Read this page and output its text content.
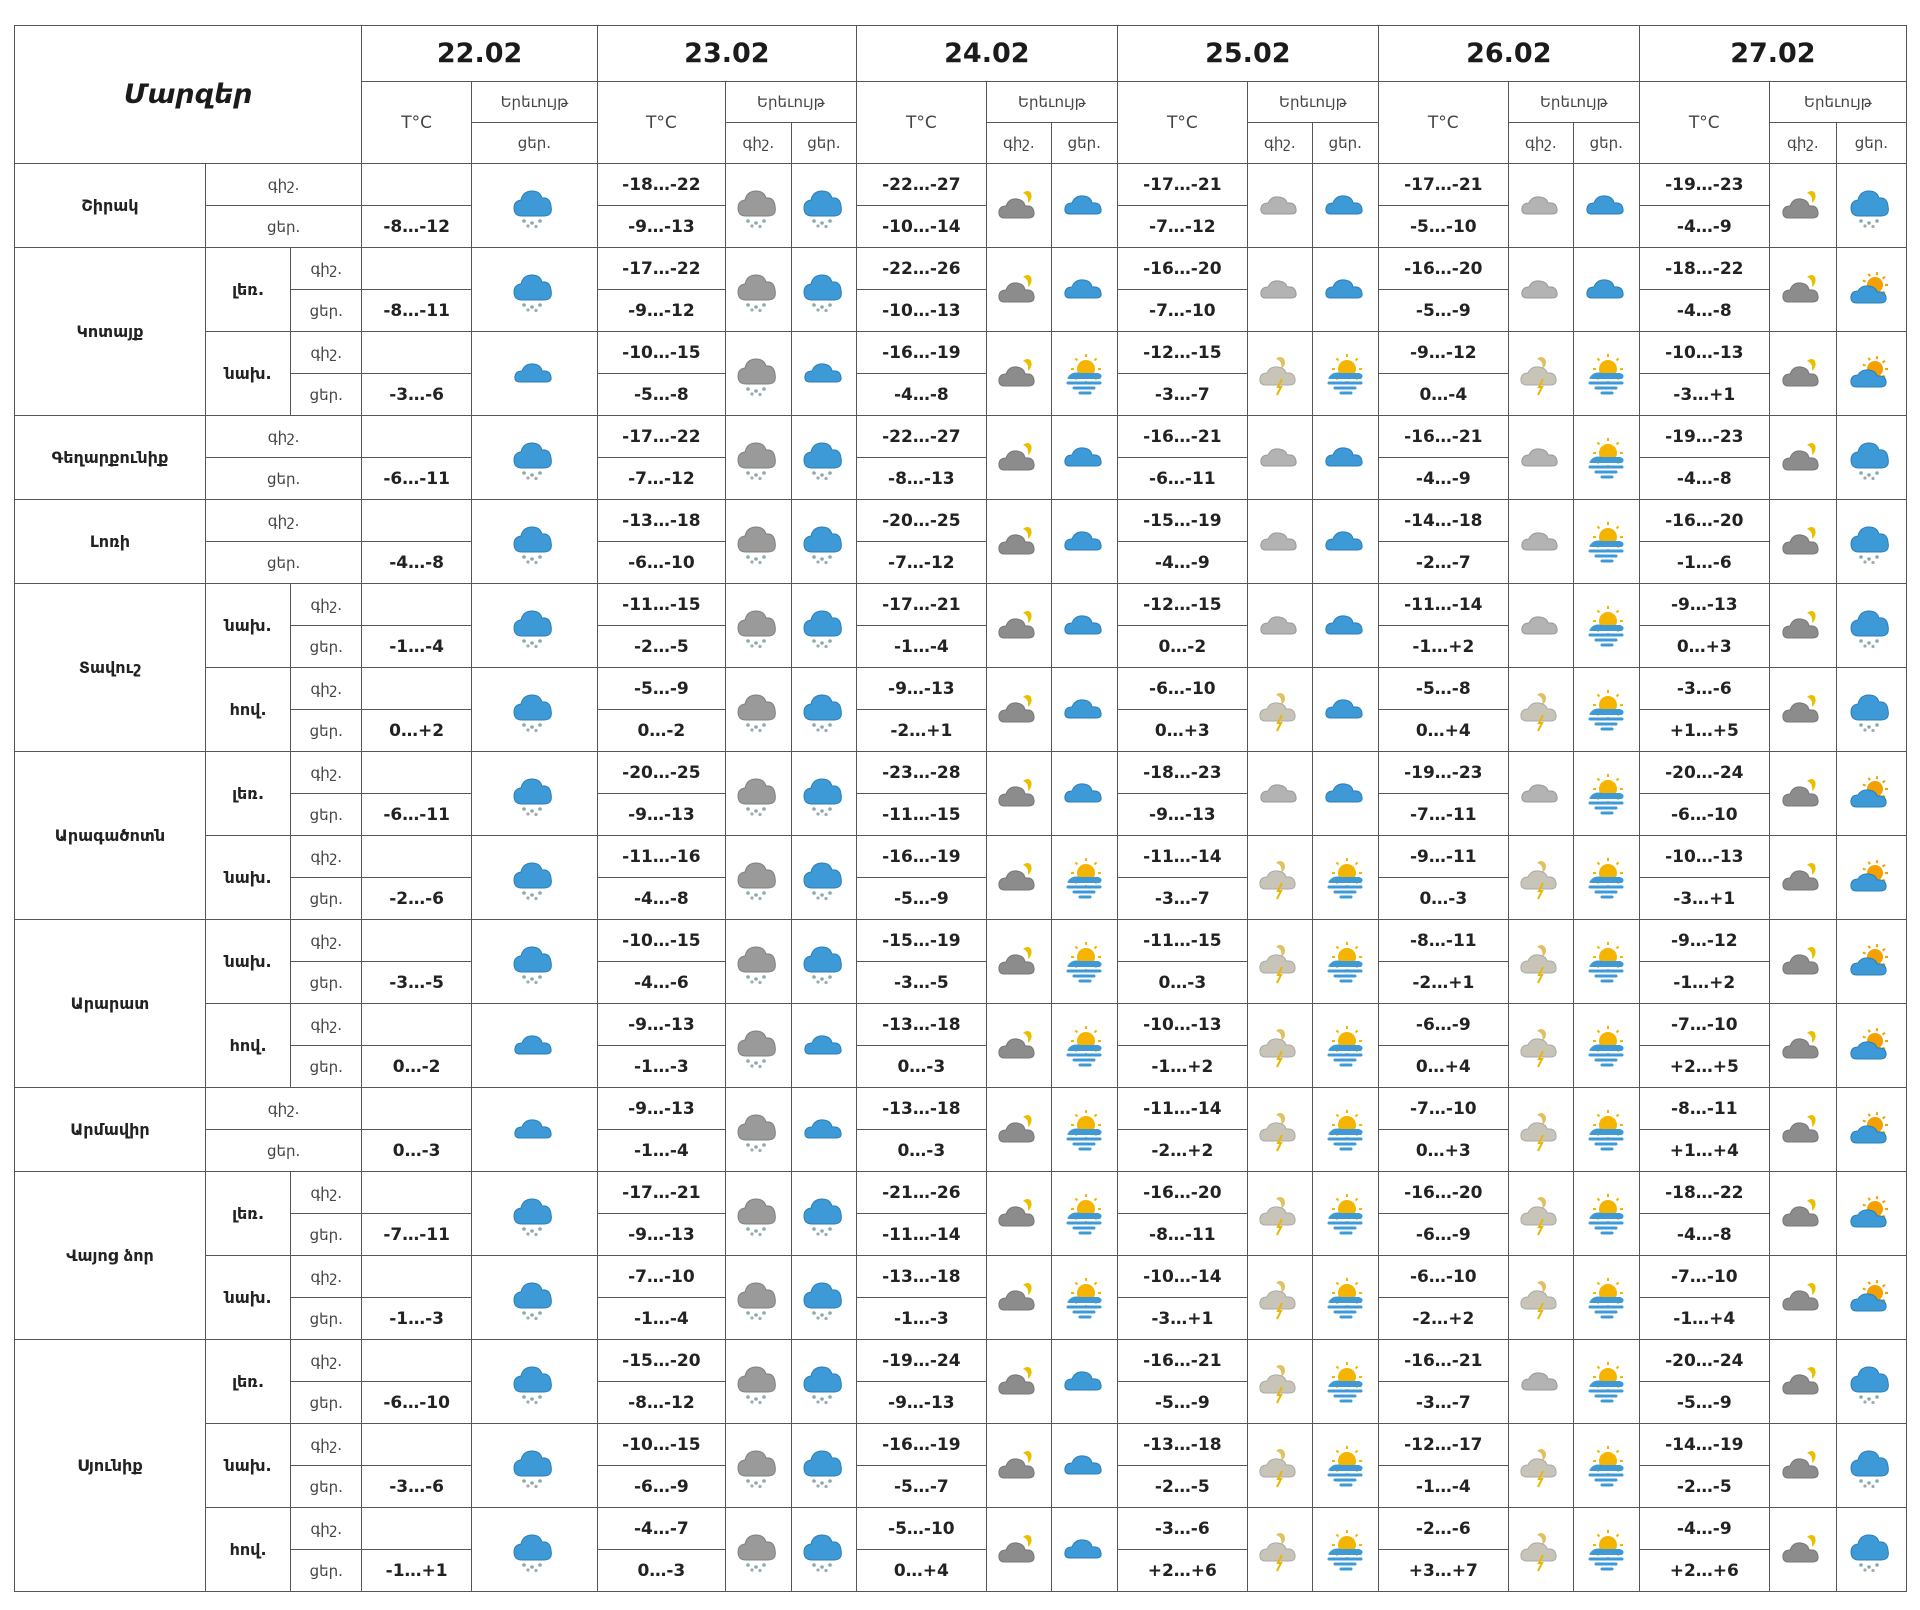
Մարզեր			22.02		23.02			24.02			25.02			26.02			27.02		
			T°C	Երեւույթ	T°C	Երեւույթ		T°C	Երեւույթ		T°C	Երեւույթ		T°C	Երեւույթ		T°C	Երեւույթ	
				ցեր.		գիշ.	ցեր.		գիշ.	ցեր.		գիշ.	ցեր.		գիշ.	ցեր.		գիշ.	ցեր.
Շիրակ	գիշ.				-18…-22			-22…-27			-17…-21			-17…-21			-19…-23	

	ցեր.		-8…-12		-9…-13			-10…-14			-7…-12			-5…-10			-4…-9		
Կոտայք	լեռ.	գիշ.			-17…-22			-22…-26			-16…-20			-16…-20			-18…-22	

		ցեր.	-8…-11		-9…-12			-10…-13			-7…-10			-5…-9			-4…-8		
	նախ.	գիշ.			-10…-15			-16…-19			-12…-15			-9…-12			-10…-13	

		ցեր.	-3…-6		-5…-8			-4…-8			-3…-7			0…-4			-3…+1		
Գեղարքունիք	գիշ.				-17…-22			-22…-27			-16…-21			-16…-21			-19…-23	

	ցեր.		-6…-11		-7…-12			-8…-13			-6…-11			-4…-9			-4…-8		
Լոռի	գիշ.				-13…-18			-20…-25			-15…-19			-14…-18			-16…-20	

	ցեր.		-4…-8		-6…-10			-7…-12			-4…-9			-2…-7			-1…-6		
Տավուշ	նախ.	գիշ.			-11…-15			-17…-21			-12…-15			-11…-14			-9…-13	

		ցեր.	-1…-4		-2…-5			-1…-4			0…-2			-1…+2			0…+3		
	հով.	գիշ.			-5…-9			-9…-13			-6…-10			-5…-8			-3…-6	

		ցեր.	0…+2		0…-2			-2…+1			0…+3			0…+4			+1…+5		
Արագածոտն	լեռ.	գիշ.			-20…-25			-23…-28			-18…-23			-19…-23			-20…-24	

		ցեր.	-6…-11		-9…-13			-11…-15			-9…-13			-7…-11			-6…-10		
	նախ.	գիշ.			-11…-16			-16…-19			-11…-14			-9…-11			-10…-13	

		ցեր.	-2…-6		-4…-8			-5…-9			-3…-7			0…-3			-3…+1		
Արարատ	նախ.	գիշ.			-10…-15			-15…-19			-11…-15			-8…-11			-9…-12	

		ցեր.	-3…-5		-4…-6			-3…-5			0…-3			-2…+1			-1…+2		
	հով.	գիշ.			-9…-13			-13…-18			-10…-13			-6…-9			-7…-10	

		ցեր.	0…-2		-1…-3			0…-3			-1…+2			0…+4			+2…+5		
Արմավիր	գիշ.				-9…-13			-13…-18			-11…-14			-7…-10			-8…-11	

	ցեր.		0…-3		-1…-4			0…-3			-2…+2			0…+3			+1…+4		
Վայոց ձոր	լեռ.	գիշ.			-17…-21			-21…-26			-16…-20			-16…-20			-18…-22	

		ցեր.	-7…-11		-9…-13			-11…-14			-8…-11			-6…-9			-4…-8		
	նախ.	գիշ.			-7…-10			-13…-18			-10…-14			-6…-10			-7…-10	

		ցեր.	-1…-3		-1…-4			-1…-3			-3…+1			-2…+2			-1…+4		
Սյունիք	լեռ.	գիշ.			-15…-20			-19…-24			-16…-21			-16…-21			-20…-24	

		ցեր.	-6…-10		-8…-12			-9…-13			-5…-9			-3…-7			-5…-9		
	նախ.	գիշ.			-10…-15			-16…-19			-13…-18			-12…-17			-14…-19	

		ցեր.	-3…-6		-6…-9			-5…-7			-2…-5			-1…-4			-2…-5		
	հով.	գիշ.			-4…-7			-5…-10			-3…-6			-2…-6			-4…-9	

		ցեր.	-1…+1		0…-3			0…+4			+2…+6			+3…+7			+2…+6		
